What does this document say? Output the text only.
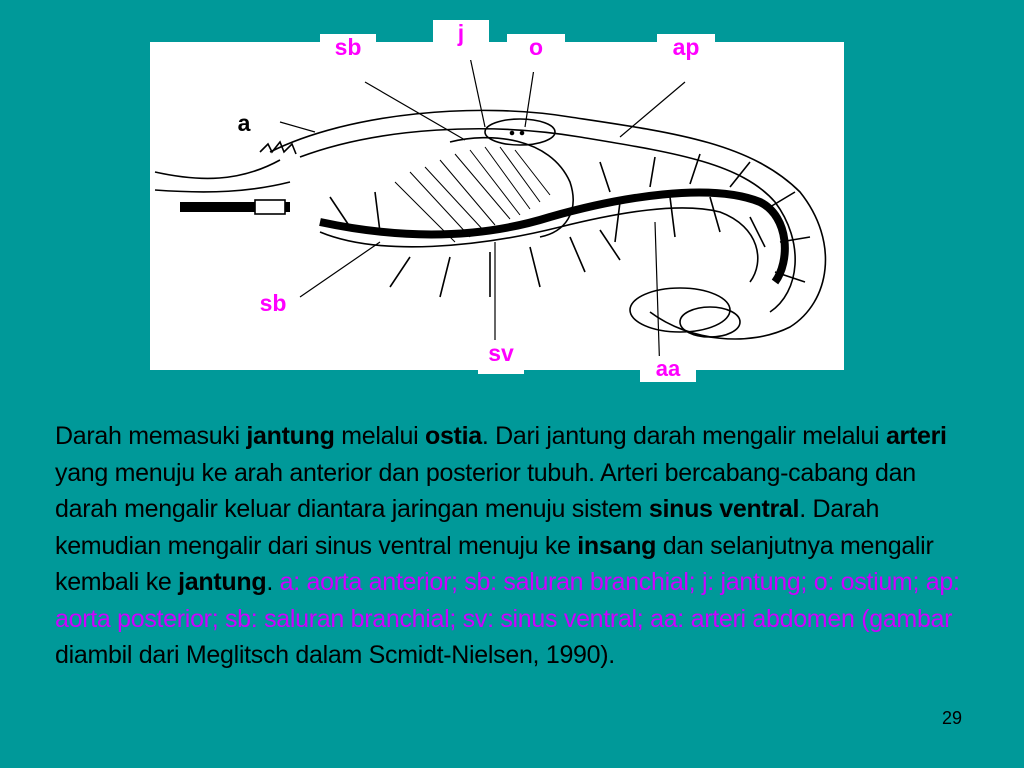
j
sb	o	ap
a
sb
sv
aa
Darah memasuki jantung melalui ostia. Dari jantung darah mengalir melalui arteri yang menuju ke arah anterior dan posterior tubuh. Arteri bercabang-cabang dan darah mengalir keluar diantara jaringan menuju sistem sinus ventral. Darah kemudian mengalir dari sinus ventral menuju ke insang dan selanjutnya mengalir kembali ke jantung. a: aorta anterior; sb: saluran branchial; j: jantung; o: ostium; ap: aorta posterior; sb: saluran branchial; sv: sinus ventral; aa: arteri abdomen (gambar diambil dari Meglitsch dalam Scmidt-Nielsen, 1990).
29
